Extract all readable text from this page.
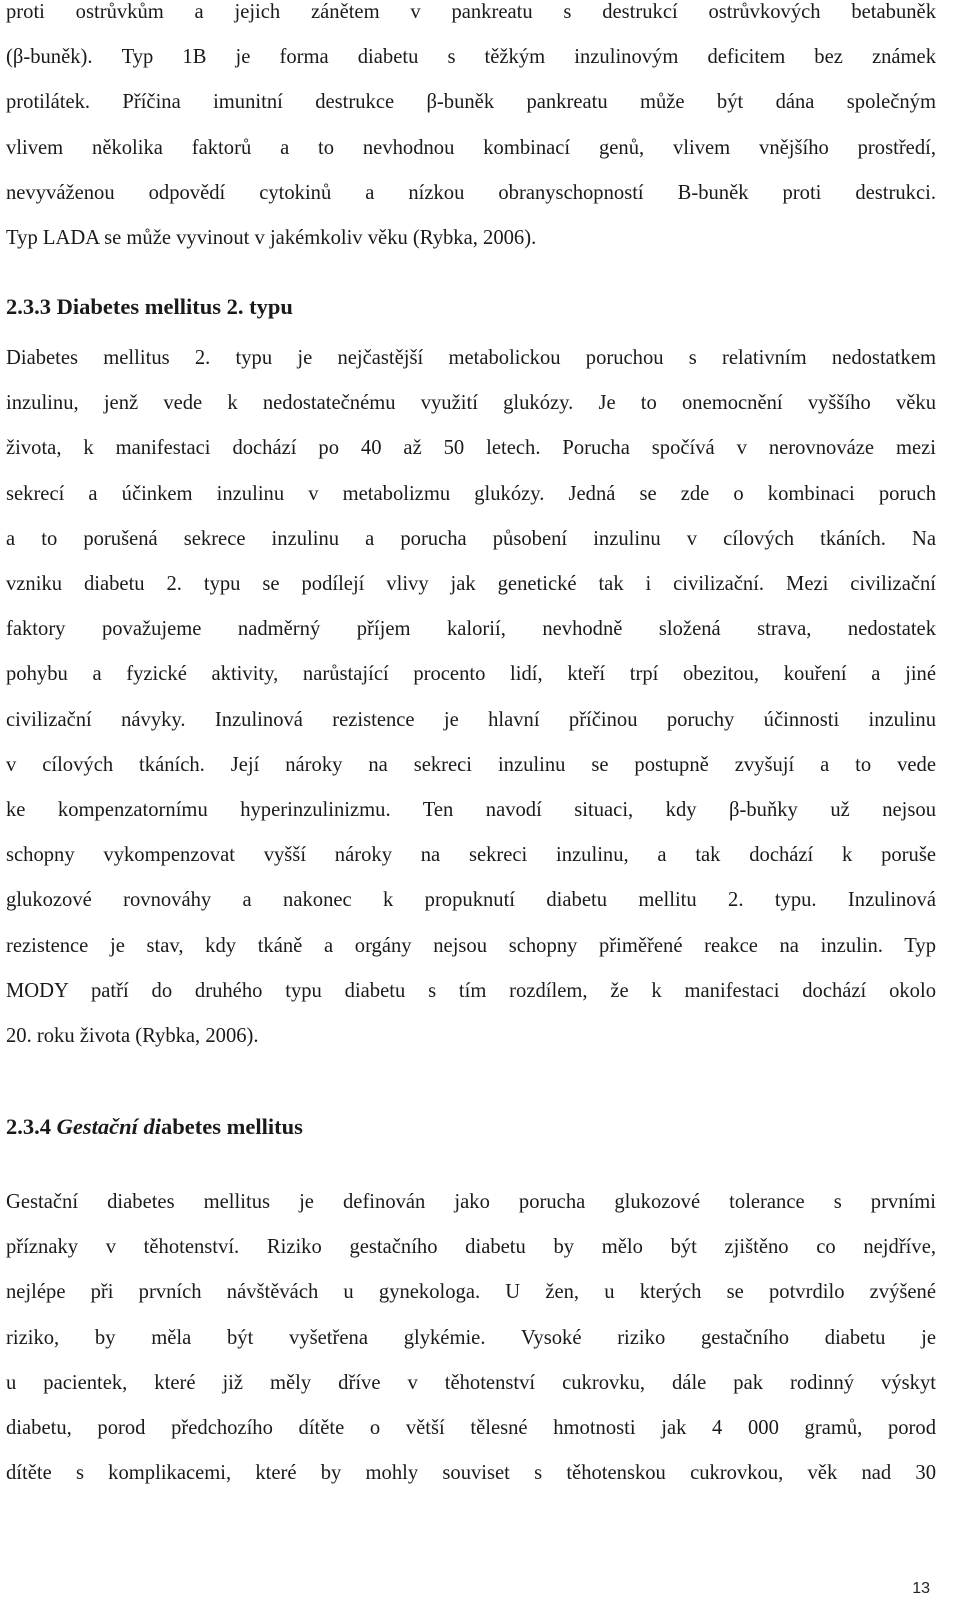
proti ostrůvkům a jejich zánětem v pankreatu s destrukcí ostrůvkových betabuněk
(β-buněk). Typ 1B je forma diabetu s těžkým inzulinovým deficitem bez známek
protilátek. Příčina imunitní destrukce β-buněk pankreatu může být dána společným
vlivem několika faktorů a to nevhodnou kombinací genů, vlivem vnějšího prostředí,
nevyváženou odpovědí cytokinů a nízkou obranyschopností B-buněk proti destrukci.
Typ LADA se může vyvinout v jakémkoliv věku (Rybka, 2006).
2.3.3 Diabetes mellitus 2. typu
Diabetes mellitus 2. typu je nejčastější metabolickou poruchou s relativním nedostatkem
inzulinu, jenž vede k nedostatečnému využití glukózy. Je to onemocnění vyššího věku
života, k manifestaci dochází po 40 až 50 letech. Porucha spočívá v nerovnováze mezi
sekrecí a účinkem inzulinu v metabolizmu glukózy. Jedná se zde o kombinaci poruch
a to porušená sekrece inzulinu a porucha působení inzulinu v cílových tkáních. Na
vzniku diabetu 2. typu se podílejí vlivy jak genetické tak i civilizační. Mezi civilizační
faktory považujeme nadměrný příjem kalorií, nevhodně složená strava, nedostatek
pohybu a fyzické aktivity, narůstající procento lidí, kteří trpí obezitou, kouření a jiné
civilizační návyky. Inzulinová rezistence je hlavní příčinou poruchy účinnosti inzulinu
v cílových tkáních. Její nároky na sekreci inzulinu se postupně zvyšují a to vede
ke kompenzatornímu hyperinzulinizmu. Ten navodí situaci, kdy β-buňky už nejsou
schopny vykompenzovat vyšší nároky na sekreci inzulinu, a tak dochází k poruše
glukozové rovnováhy a nakonec k propuknutí diabetu mellitu 2. typu. Inzulinová
rezistence je stav, kdy tkáně a orgány nejsou schopny přiměřené reakce na inzulin. Typ
MODY patří do druhého typu diabetu s tím rozdílem, že k manifestaci dochází okolo
20. roku života (Rybka, 2006).
2.3.4 Gestační diabetes mellitus
Gestační diabetes mellitus je definován jako porucha glukozové tolerance s prvními
příznaky v těhotenství. Riziko gestačního diabetu by mělo být zjištěno co nejdříve,
nejlépe při prvních návštěvách u gynekologa. U žen, u kterých se potvrdilo zvýšené
riziko, by měla být vyšetřena glykémie. Vysoké riziko gestačního diabetu je
u pacientek, které již měly dříve v těhotenství cukrovku, dále pak rodinný výskyt
diabetu, porod předchozího dítěte o větší tělesné hmotnosti jak 4 000 gramů, porod
dítěte s komplikacemi, které by mohly souviset s těhotenskou cukrovkou, věk nad 30
13
